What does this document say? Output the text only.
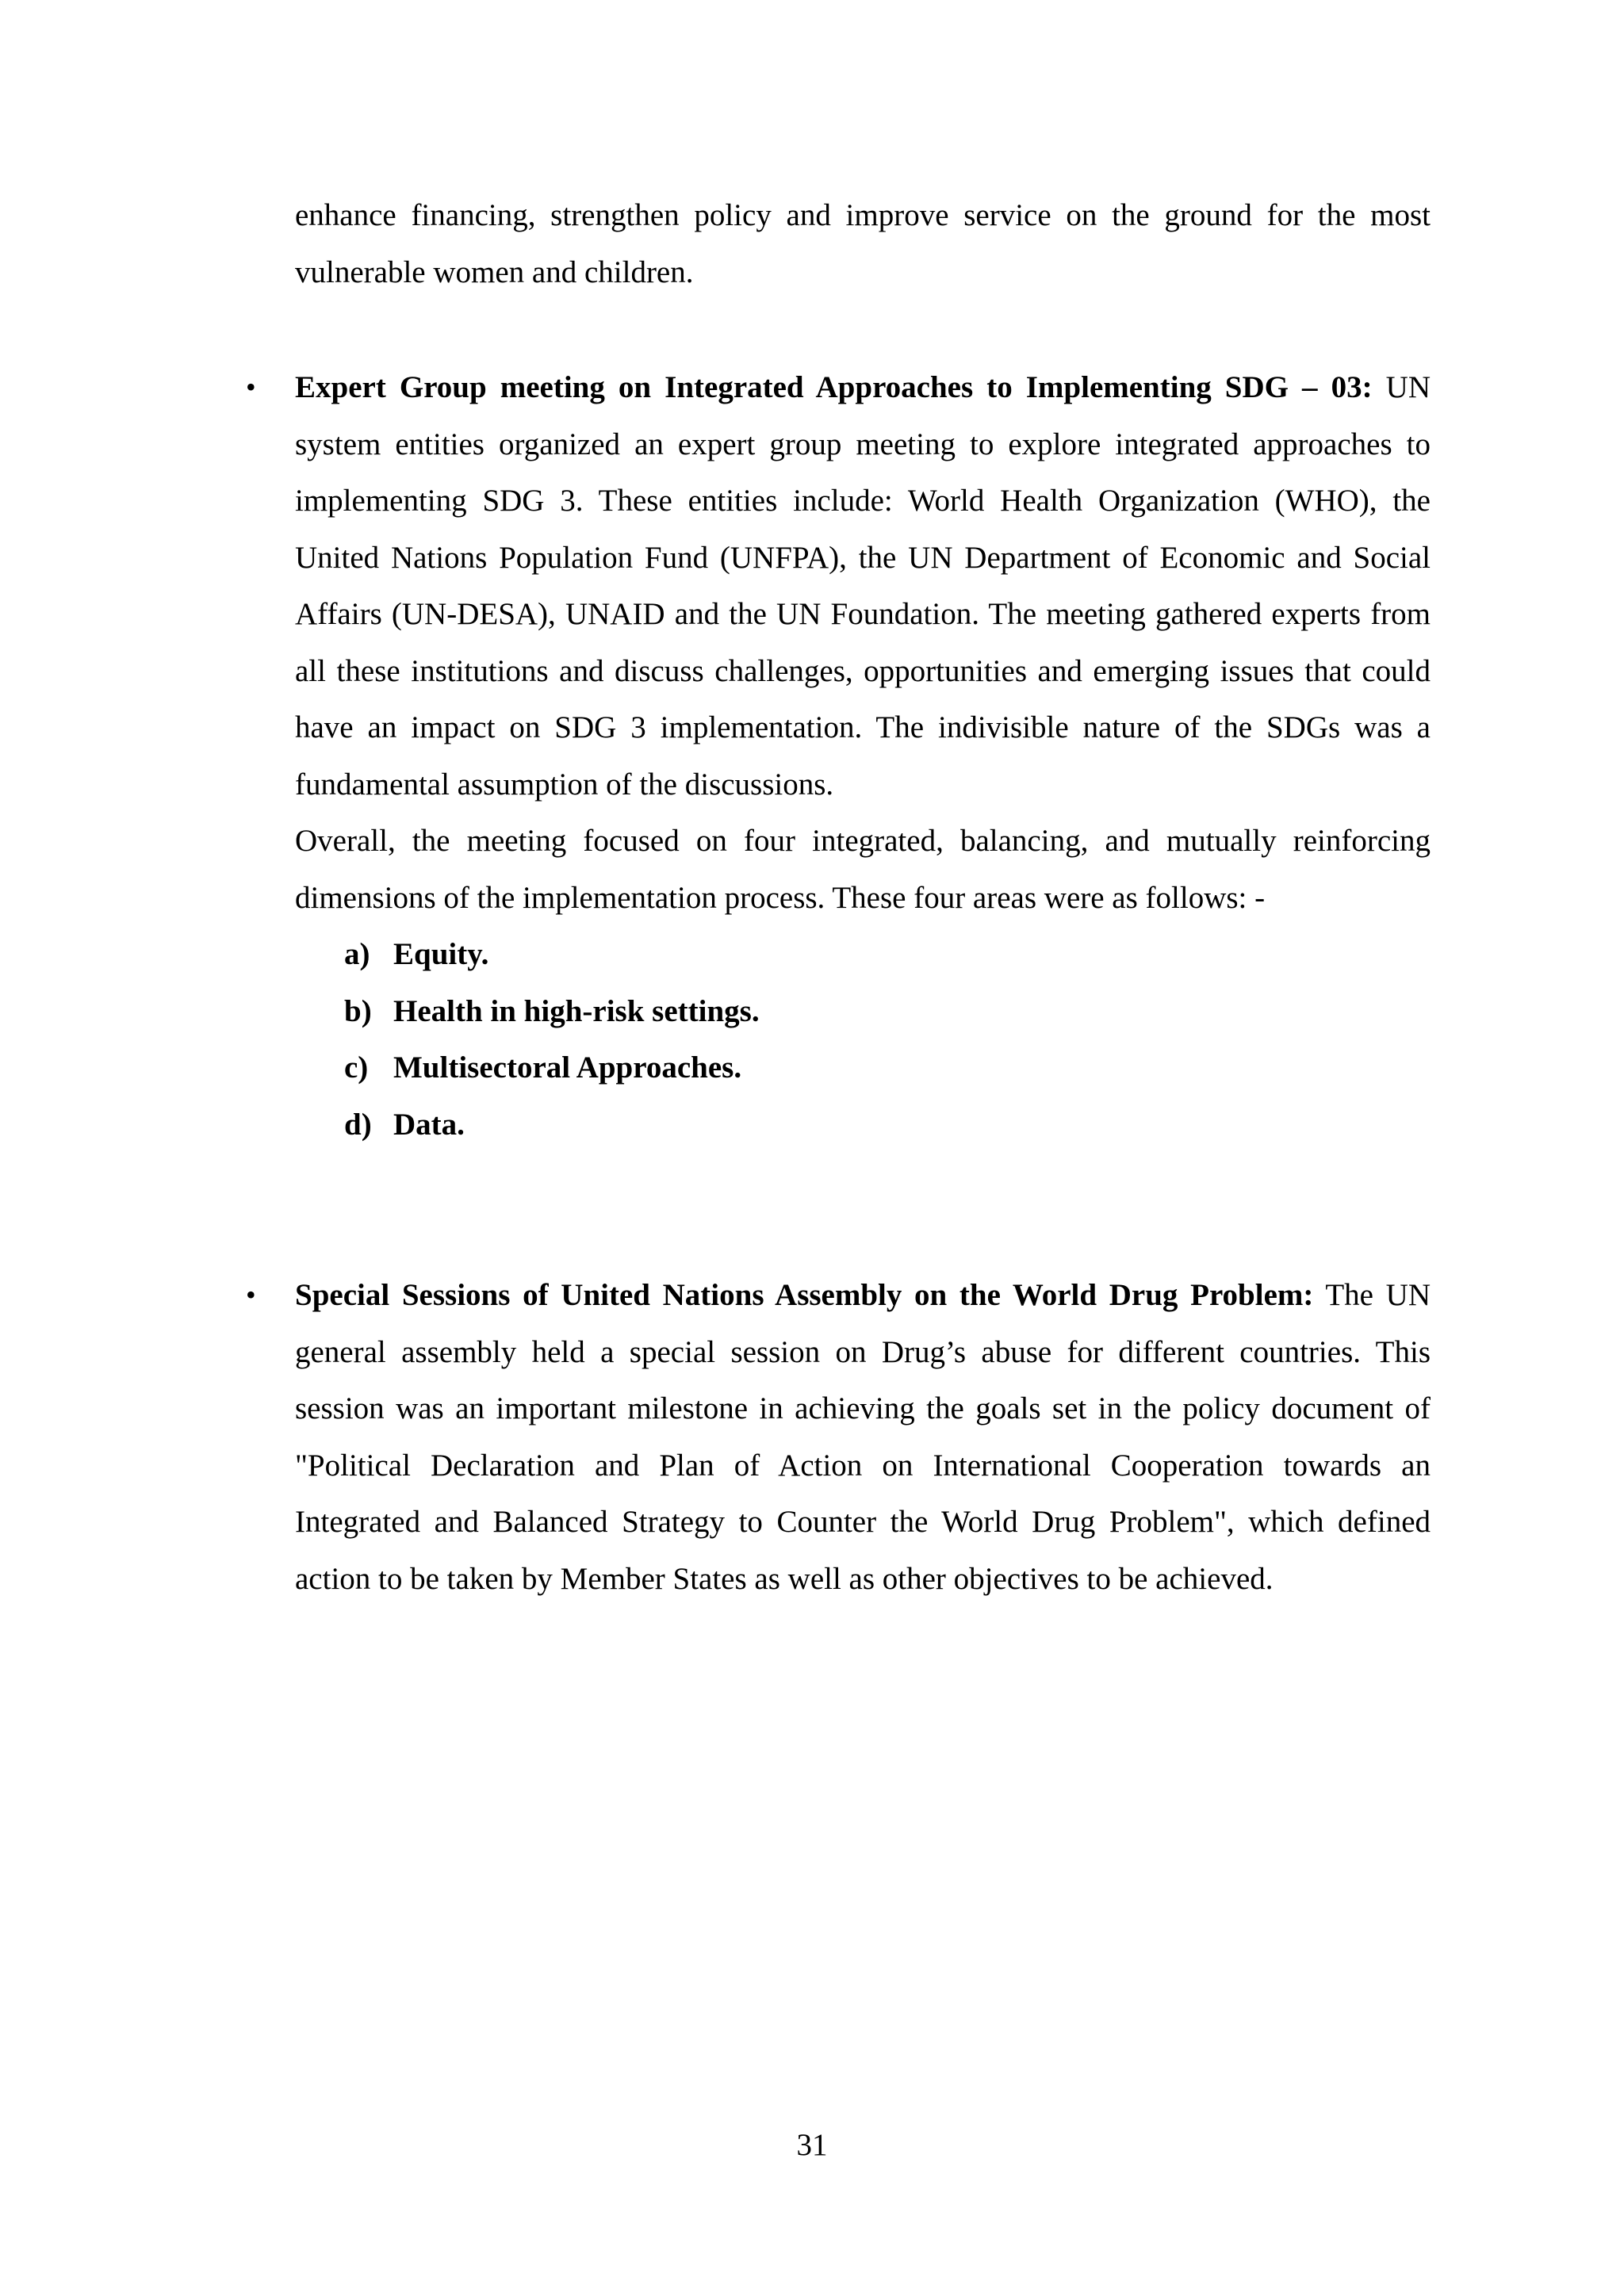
enhance financing, strengthen policy and improve service on the ground for the most vulnerable women and children.

•	Expert Group meeting on Integrated Approaches to Implementing SDG – 03: UN system entities organized an expert group meeting to explore integrated approaches to implementing SDG 3. These entities include: World Health Organization (WHO), the United Nations Population Fund (UNFPA), the UN Department of Economic and Social Affairs (UN-DESA), UNAID and the UN Foundation. The meeting gathered experts from all these institutions and discuss challenges, opportunities and emerging issues that could have an impact on SDG 3 implementation. The indivisible nature of the SDGs was a fundamental assumption of the discussions.

Overall, the meeting focused on four integrated, balancing, and mutually reinforcing dimensions of the implementation process. These four areas were as follows: -

a) Equity.
b) Health in high-risk settings.
c) Multisectoral Approaches.
d) Data.
•	Special Sessions of United Nations Assembly on the World Drug Problem: The UN general assembly held a special session on Drug’s abuse for different countries. This session was an important milestone in achieving the goals set in the policy document of "Political Declaration and Plan of Action on International Cooperation towards an Integrated and Balanced Strategy to Counter the World Drug Problem", which defined action to be taken by Member States as well as other objectives to be achieved.

31
